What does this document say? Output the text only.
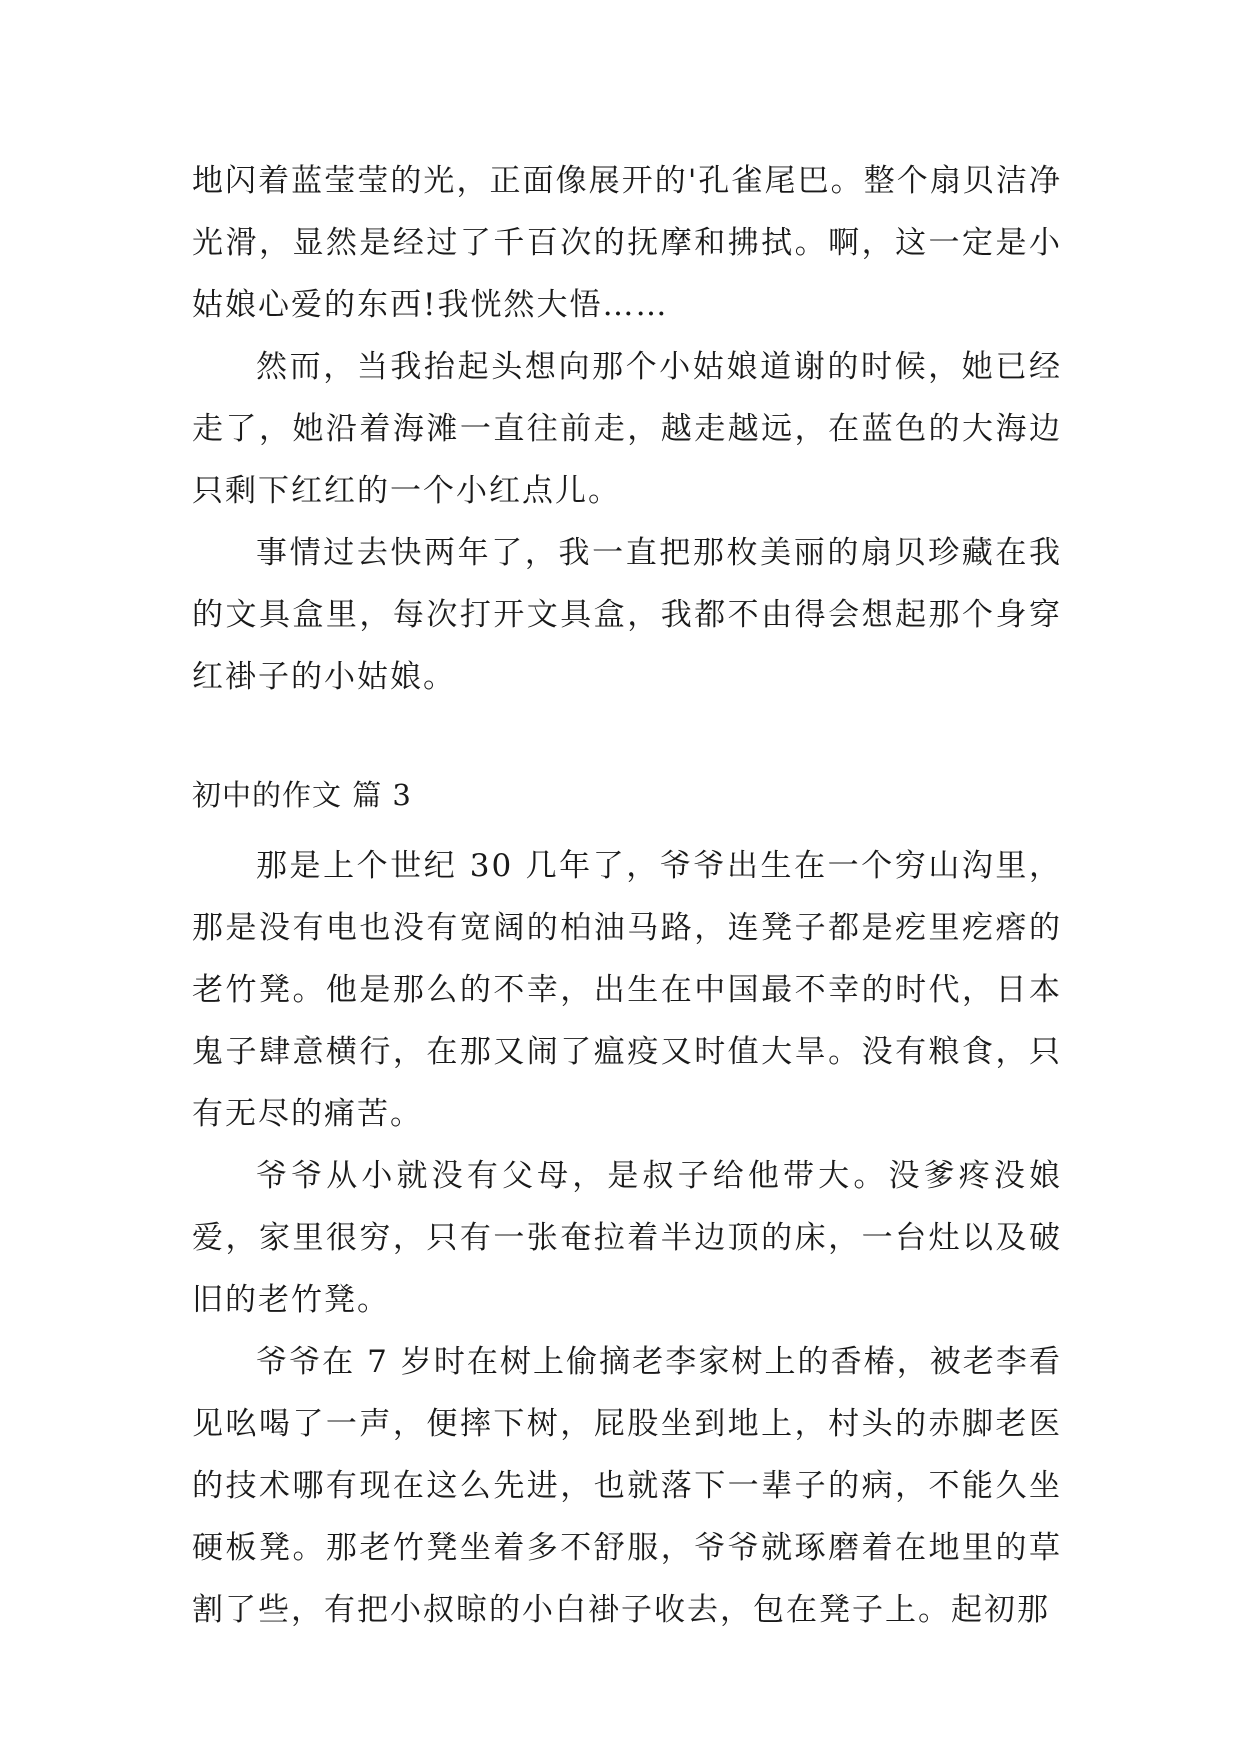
地闪着蓝莹莹的光，正面像展开的'孔雀尾巴。整个扇贝洁净光滑，显然是经过了千百次的抚摩和拂拭。啊，这一定是小姑娘心爱的东西!我恍然大悟……

然而，当我抬起头想向那个小姑娘道谢的时候，她已经走了，她沿着海滩一直往前走，越走越远，在蓝色的大海边只剩下红红的一个小红点儿。

事情过去快两年了，我一直把那枚美丽的扇贝珍藏在我的文具盒里，每次打开文具盒，我都不由得会想起那个身穿红褂子的小姑娘。

初中的作文 篇 3

那是上个世纪 30 几年了，爷爷出生在一个穷山沟里，那是没有电也没有宽阔的柏油马路，连凳子都是疙里疙瘩的老竹凳。他是那么的不幸，出生在中国最不幸的时代，日本鬼子肆意横行，在那又闹了瘟疫又时值大旱。没有粮食，只有无尽的痛苦。

爷爷从小就没有父母，是叔子给他带大。没爹疼没娘爱，家里很穷，只有一张奄拉着半边顶的床，一台灶以及破旧的老竹凳。

爷爷在 7 岁时在树上偷摘老李家树上的香椿，被老李看见吆喝了一声，便摔下树，屁股坐到地上，村头的赤脚老医的技术哪有现在这么先进，也就落下一辈子的病，不能久坐硬板凳。那老竹凳坐着多不舒服，爷爷就琢磨着在地里的草割了些，有把小叔晾的小白褂子收去，包在凳子上。起初那
